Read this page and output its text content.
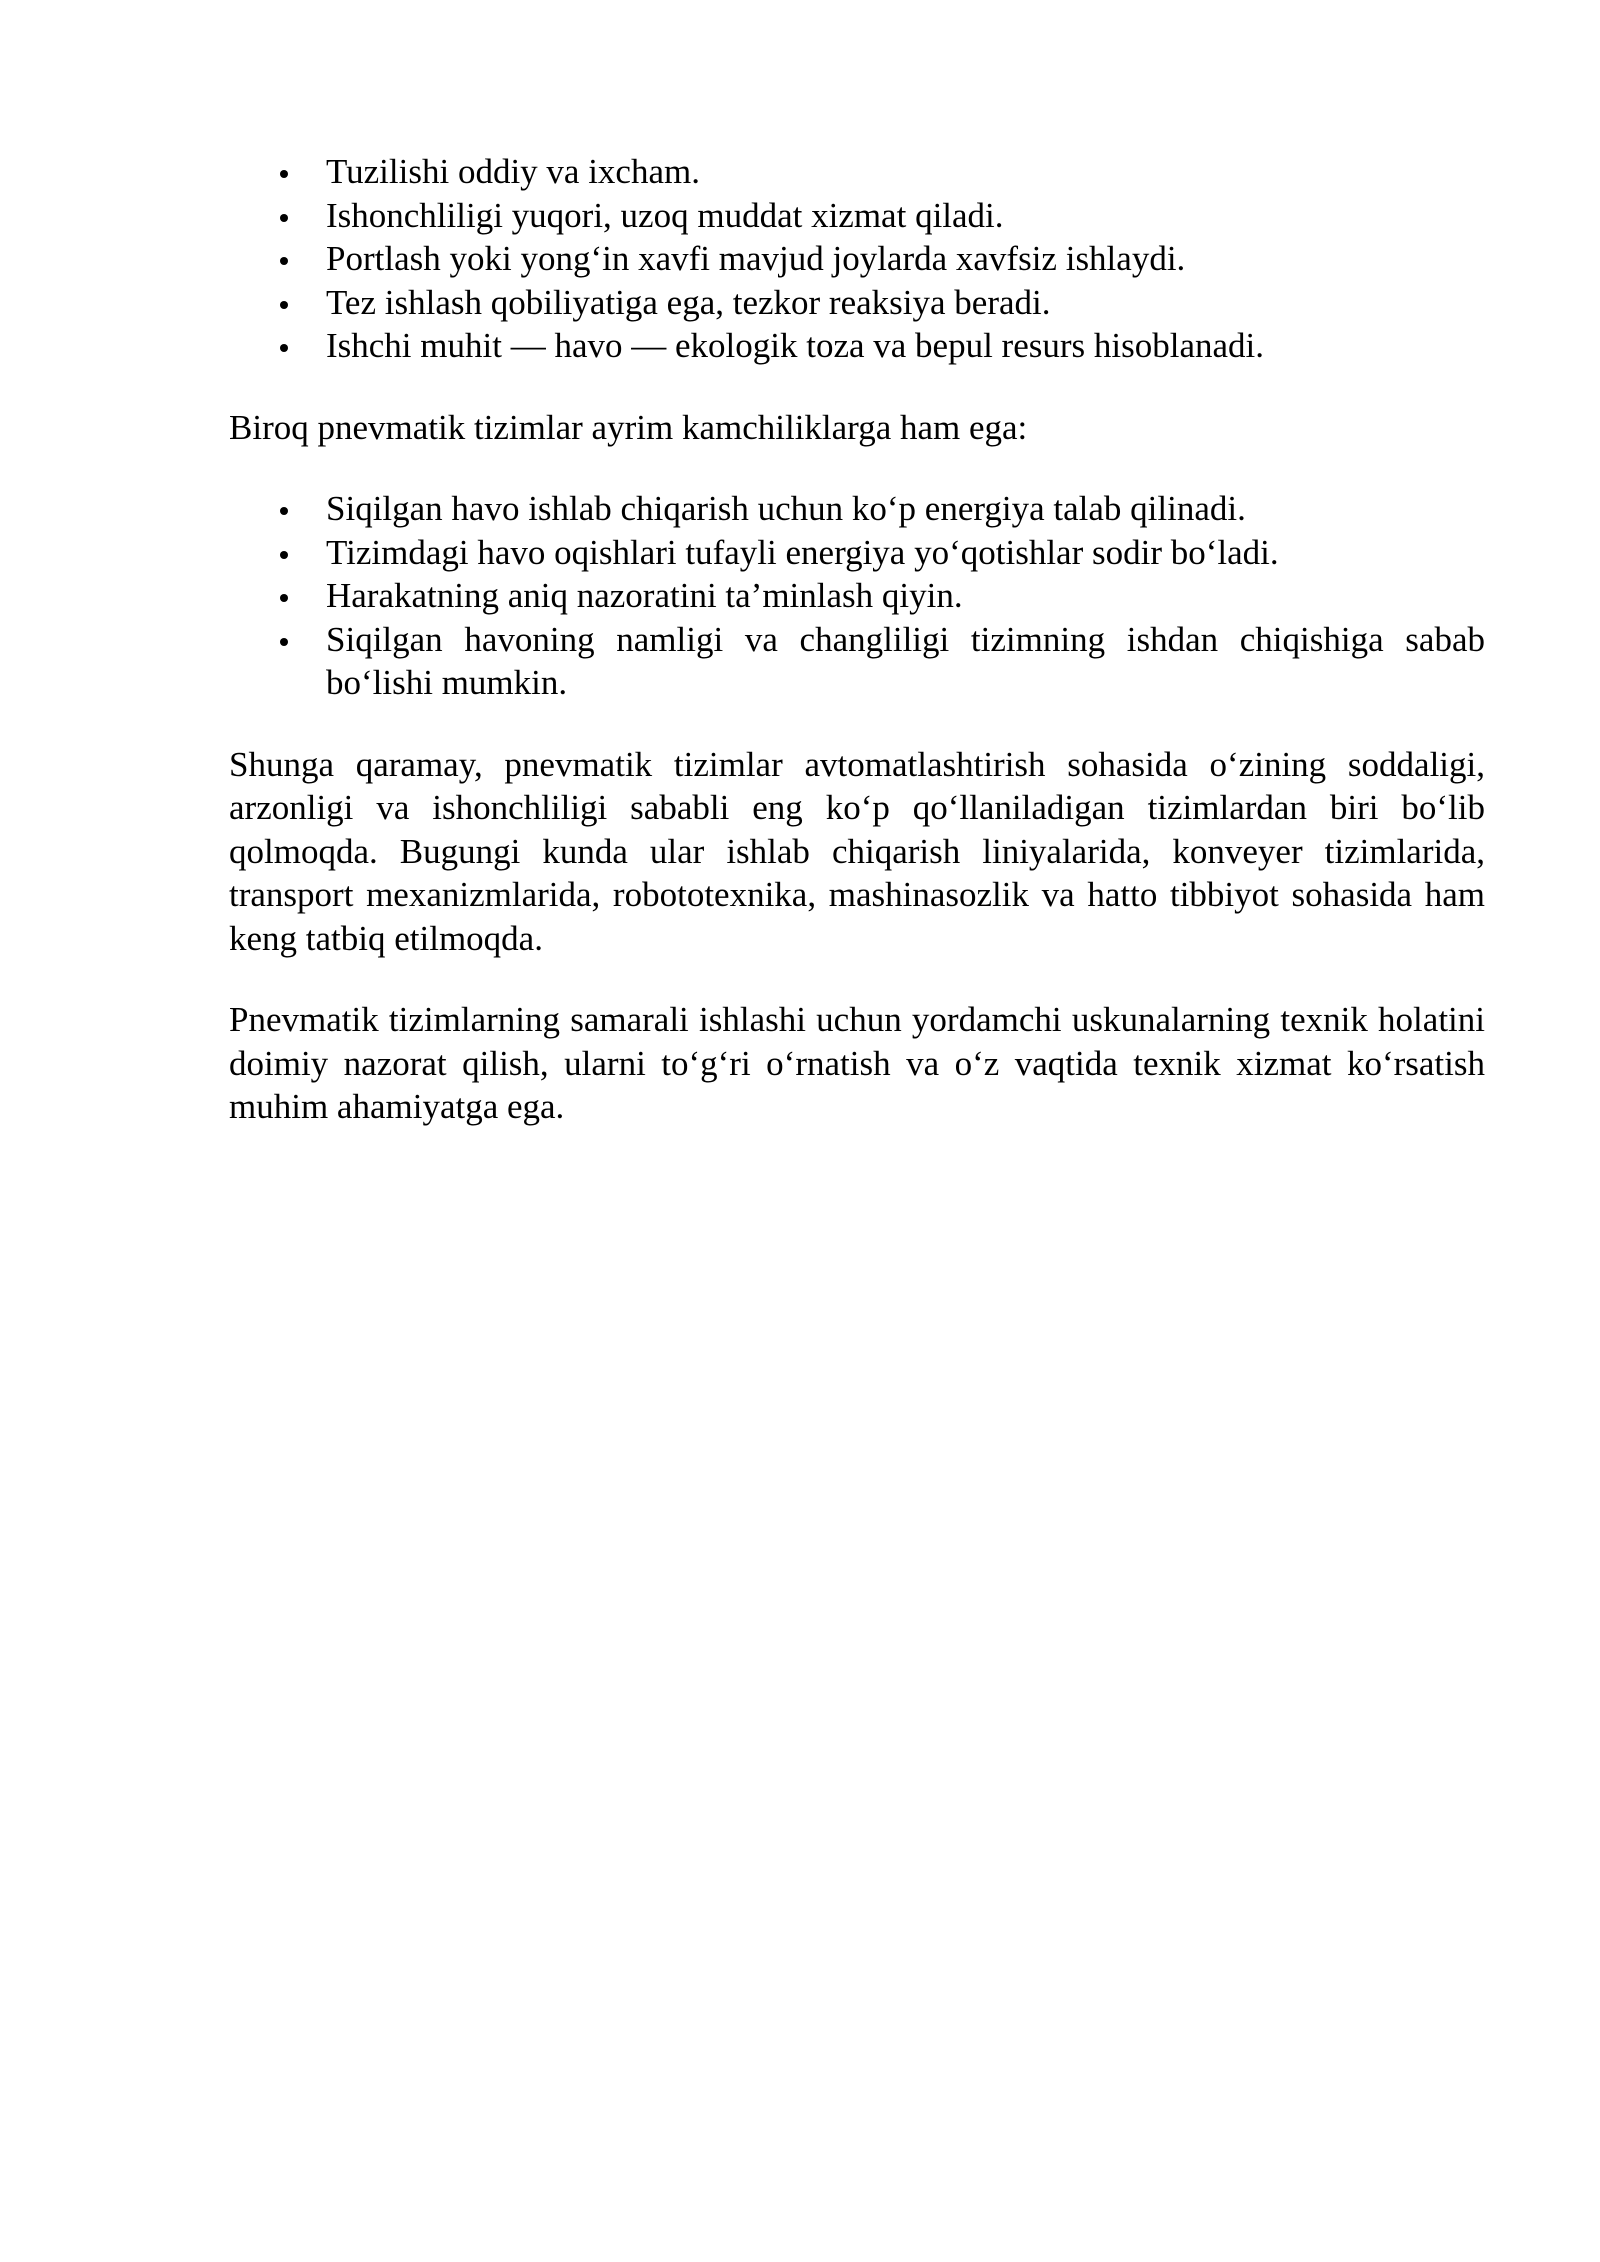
Tuzilishi oddiy va ixcham.
Ishonchliligi yuqori, uzoq muddat xizmat qiladi.
Portlash yoki yong‘in xavfi mavjud joylarda xavfsiz ishlaydi.
Tez ishlash qobiliyatiga ega, tezkor reaksiya beradi.
Ishchi muhit — havo — ekologik toza va bepul resurs hisoblanadi.

Biroq pnevmatik tizimlar ayrim kamchiliklarga ham ega:

Siqilgan havo ishlab chiqarish uchun ko‘p energiya talab qilinadi.
Tizimdagi havo oqishlari tufayli energiya yo‘qotishlar sodir bo‘ladi.
Harakatning aniq nazoratini ta’minlash qiyin.
Siqilgan havoning namligi va changliligi tizimning ishdan chiqishiga sabab bo‘lishi mumkin.

Shunga qaramay, pnevmatik tizimlar avtomatlashtirish sohasida o‘zining soddaligi, arzonligi va ishonchliligi sababli eng ko‘p qo‘llaniladigan tizimlardan biri bo‘lib qolmoqda. Bugungi kunda ular ishlab chiqarish liniyalarida, konveyer tizimlarida, transport mexanizmlarida, robototexnika, mashinasozlik va hatto tibbiyot sohasida ham keng tatbiq etilmoqda.

Pnevmatik tizimlarning samarali ishlashi uchun yordamchi uskunalarning texnik holatini doimiy nazorat qilish, ularni to‘g‘ri o‘rnatish va o‘z vaqtida texnik xizmat ko‘rsatish muhim ahamiyatga ega.
